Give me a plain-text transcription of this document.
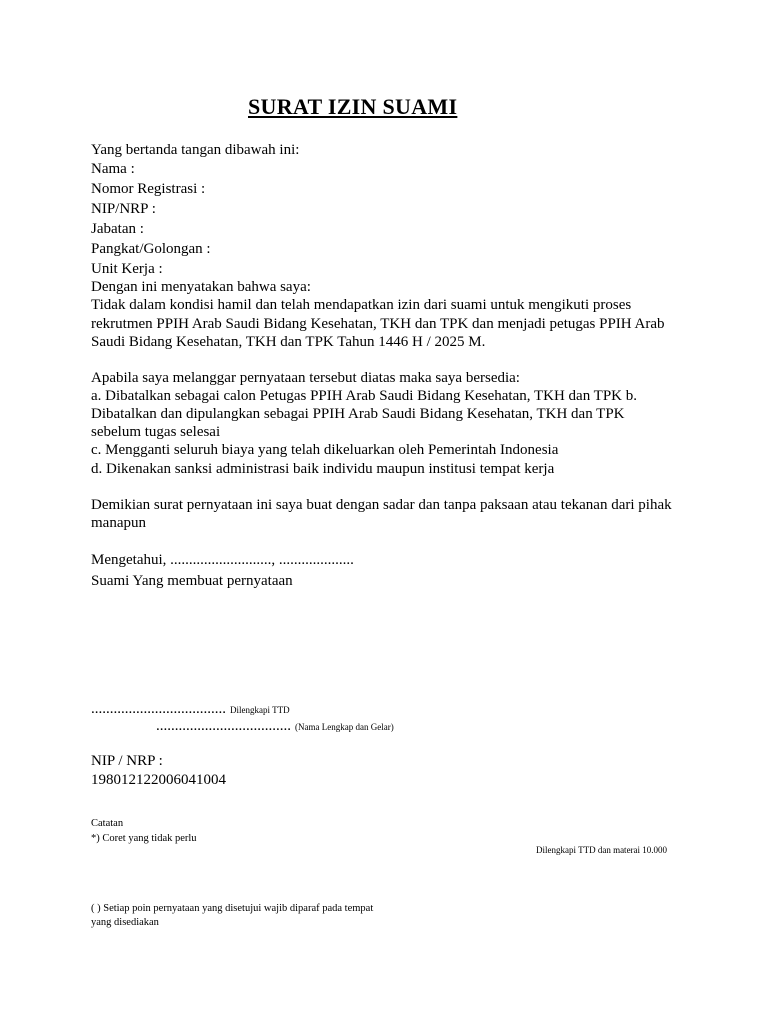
SURAT IZIN SUAMI
Yang bertanda tangan dibawah ini:
Nama :
Nomor Registrasi :
NIP/NRP :
Jabatan :
Pangkat/Golongan :
Unit Kerja :
Dengan ini menyatakan bahwa saya:
Tidak dalam kondisi hamil dan telah mendapatkan izin dari suami untuk mengikuti proses
rekrutmen PPIH Arab Saudi Bidang Kesehatan, TKH dan TPK dan menjadi petugas PPIH Arab
Saudi Bidang Kesehatan, TKH dan TPK Tahun 1446 H / 2025 M.
Apabila saya melanggar pernyataan tersebut diatas maka saya bersedia:
a. Dibatalkan sebagai calon Petugas PPIH Arab Saudi Bidang Kesehatan, TKH dan TPK b.
Dibatalkan dan dipulangkan sebagai PPIH Arab Saudi Bidang Kesehatan, TKH dan TPK
sebelum tugas selesai
c. Mengganti seluruh biaya yang telah dikeluarkan oleh Pemerintah Indonesia
d. Dikenakan sanksi administrasi baik individu maupun institusi tempat kerja
Demikian surat pernyataan ini saya buat dengan sadar dan tanpa paksaan atau tekanan dari pihak
manapun
Mengetahui, ..........................., ....................
Suami Yang membuat pernyataan
.................................... Dilengkapi TTD
.................................... (Nama Lengkap dan Gelar)
NIP / NRP :
198012122006041004
Catatan
*) Coret yang tidak perlu
Dilengkapi TTD dan materai 10.000
( ) Setiap poin pernyataan yang disetujui wajib diparaf pada tempat
yang disediakan
